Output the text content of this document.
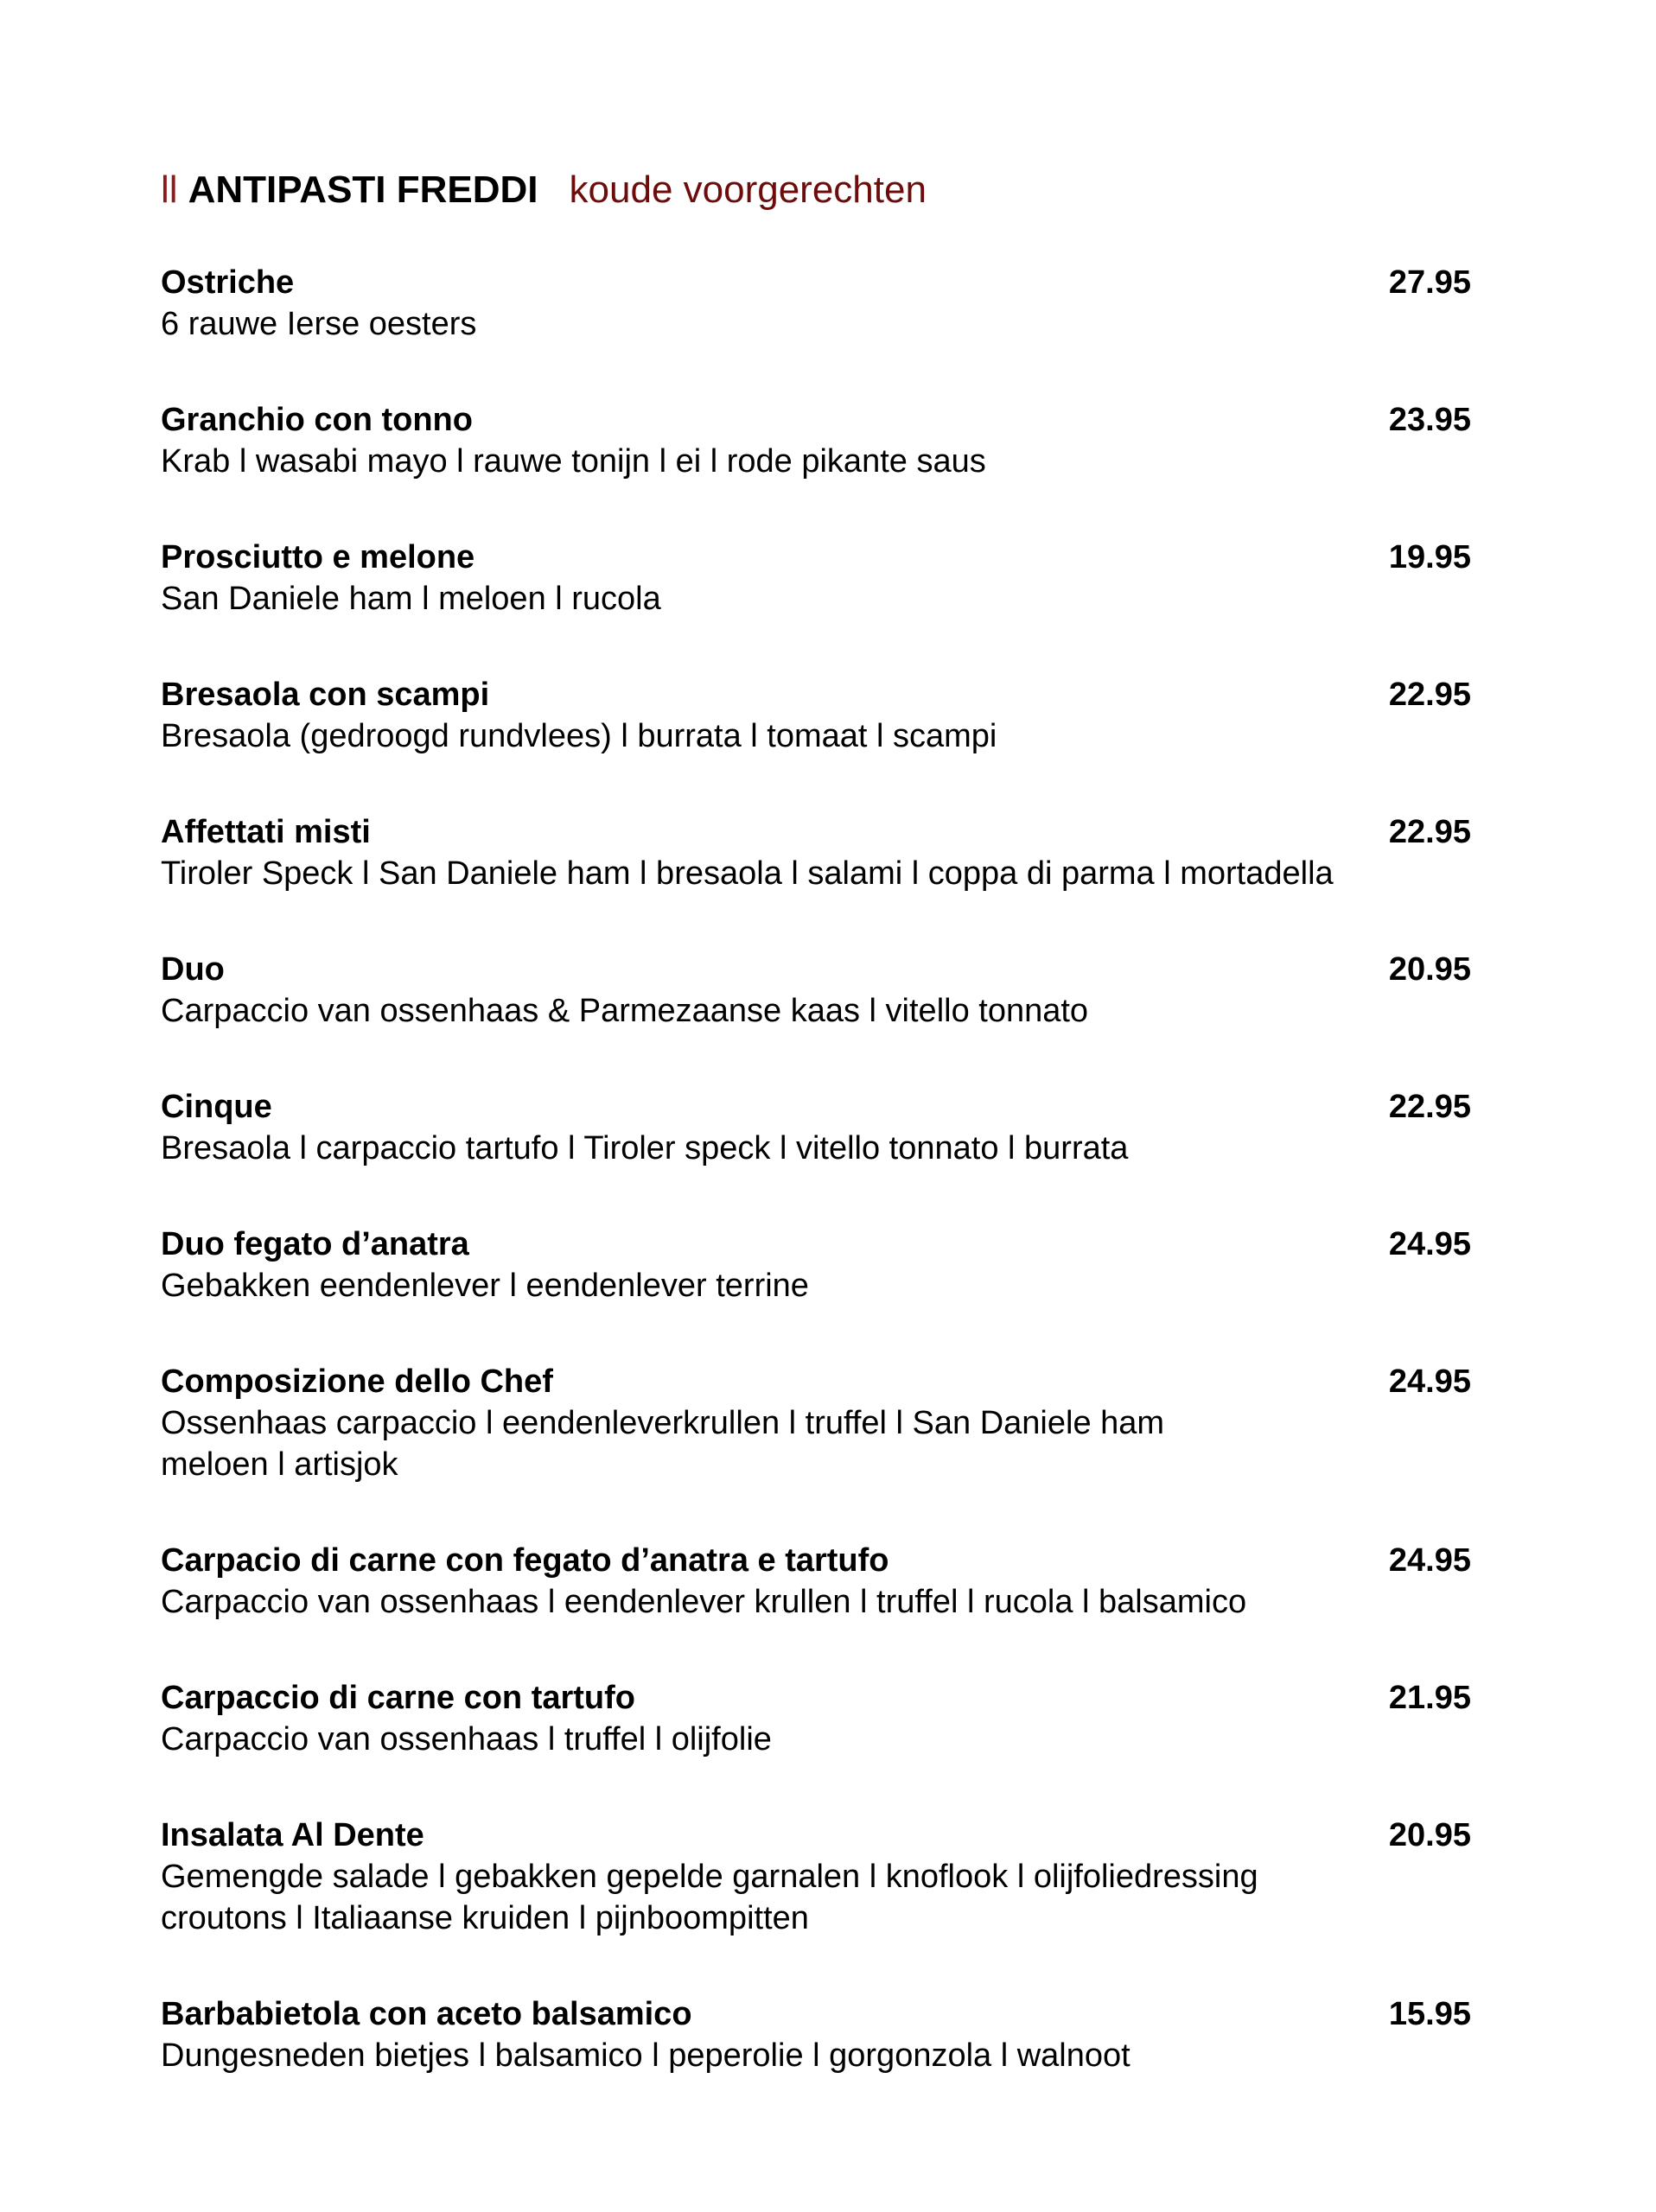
ll ANTIPASTI FREDDI koude voorgerechten
Ostriche	27.95
6 rauwe Ierse oesters
Granchio con tonno	23.95
Krab l wasabi mayo l rauwe tonijn l ei l rode pikante saus
Prosciutto e melone	19.95
San Daniele ham l meloen l rucola
Bresaola con scampi	22.95
Bresaola (gedroogd rundvlees) l burrata l tomaat l scampi
Affettati misti	22.95
Tiroler Speck l San Daniele ham l bresaola l salami l coppa di parma l mortadella
Duo	20.95
Carpaccio van ossenhaas & Parmezaanse kaas l vitello tonnato
Cinque	22.95
Bresaola l carpaccio tartufo l Tiroler speck l vitello tonnato l burrata
Duo fegato d’anatra	24.95
Gebakken eendenlever l eendenlever terrine
Composizione dello Chef	24.95
Ossenhaas carpaccio l eendenleverkrullen l truffel l San Daniele ham
meloen l artisjok
Carpacio di carne con fegato d’anatra e tartufo	24.95
Carpaccio van ossenhaas l eendenlever krullen l truffel l rucola l balsamico
Carpaccio di carne con tartufo	21.95
Carpaccio van ossenhaas l truffel l olijfolie
Insalata Al Dente	20.95
Gemengde salade l gebakken gepelde garnalen l knoflook l olijfoliedressing
croutons l Italiaanse kruiden l pijnboompitten
Barbabietola con aceto balsamico	15.95
Dungesneden bietjes l balsamico l peperolie l gorgonzola l walnoot
